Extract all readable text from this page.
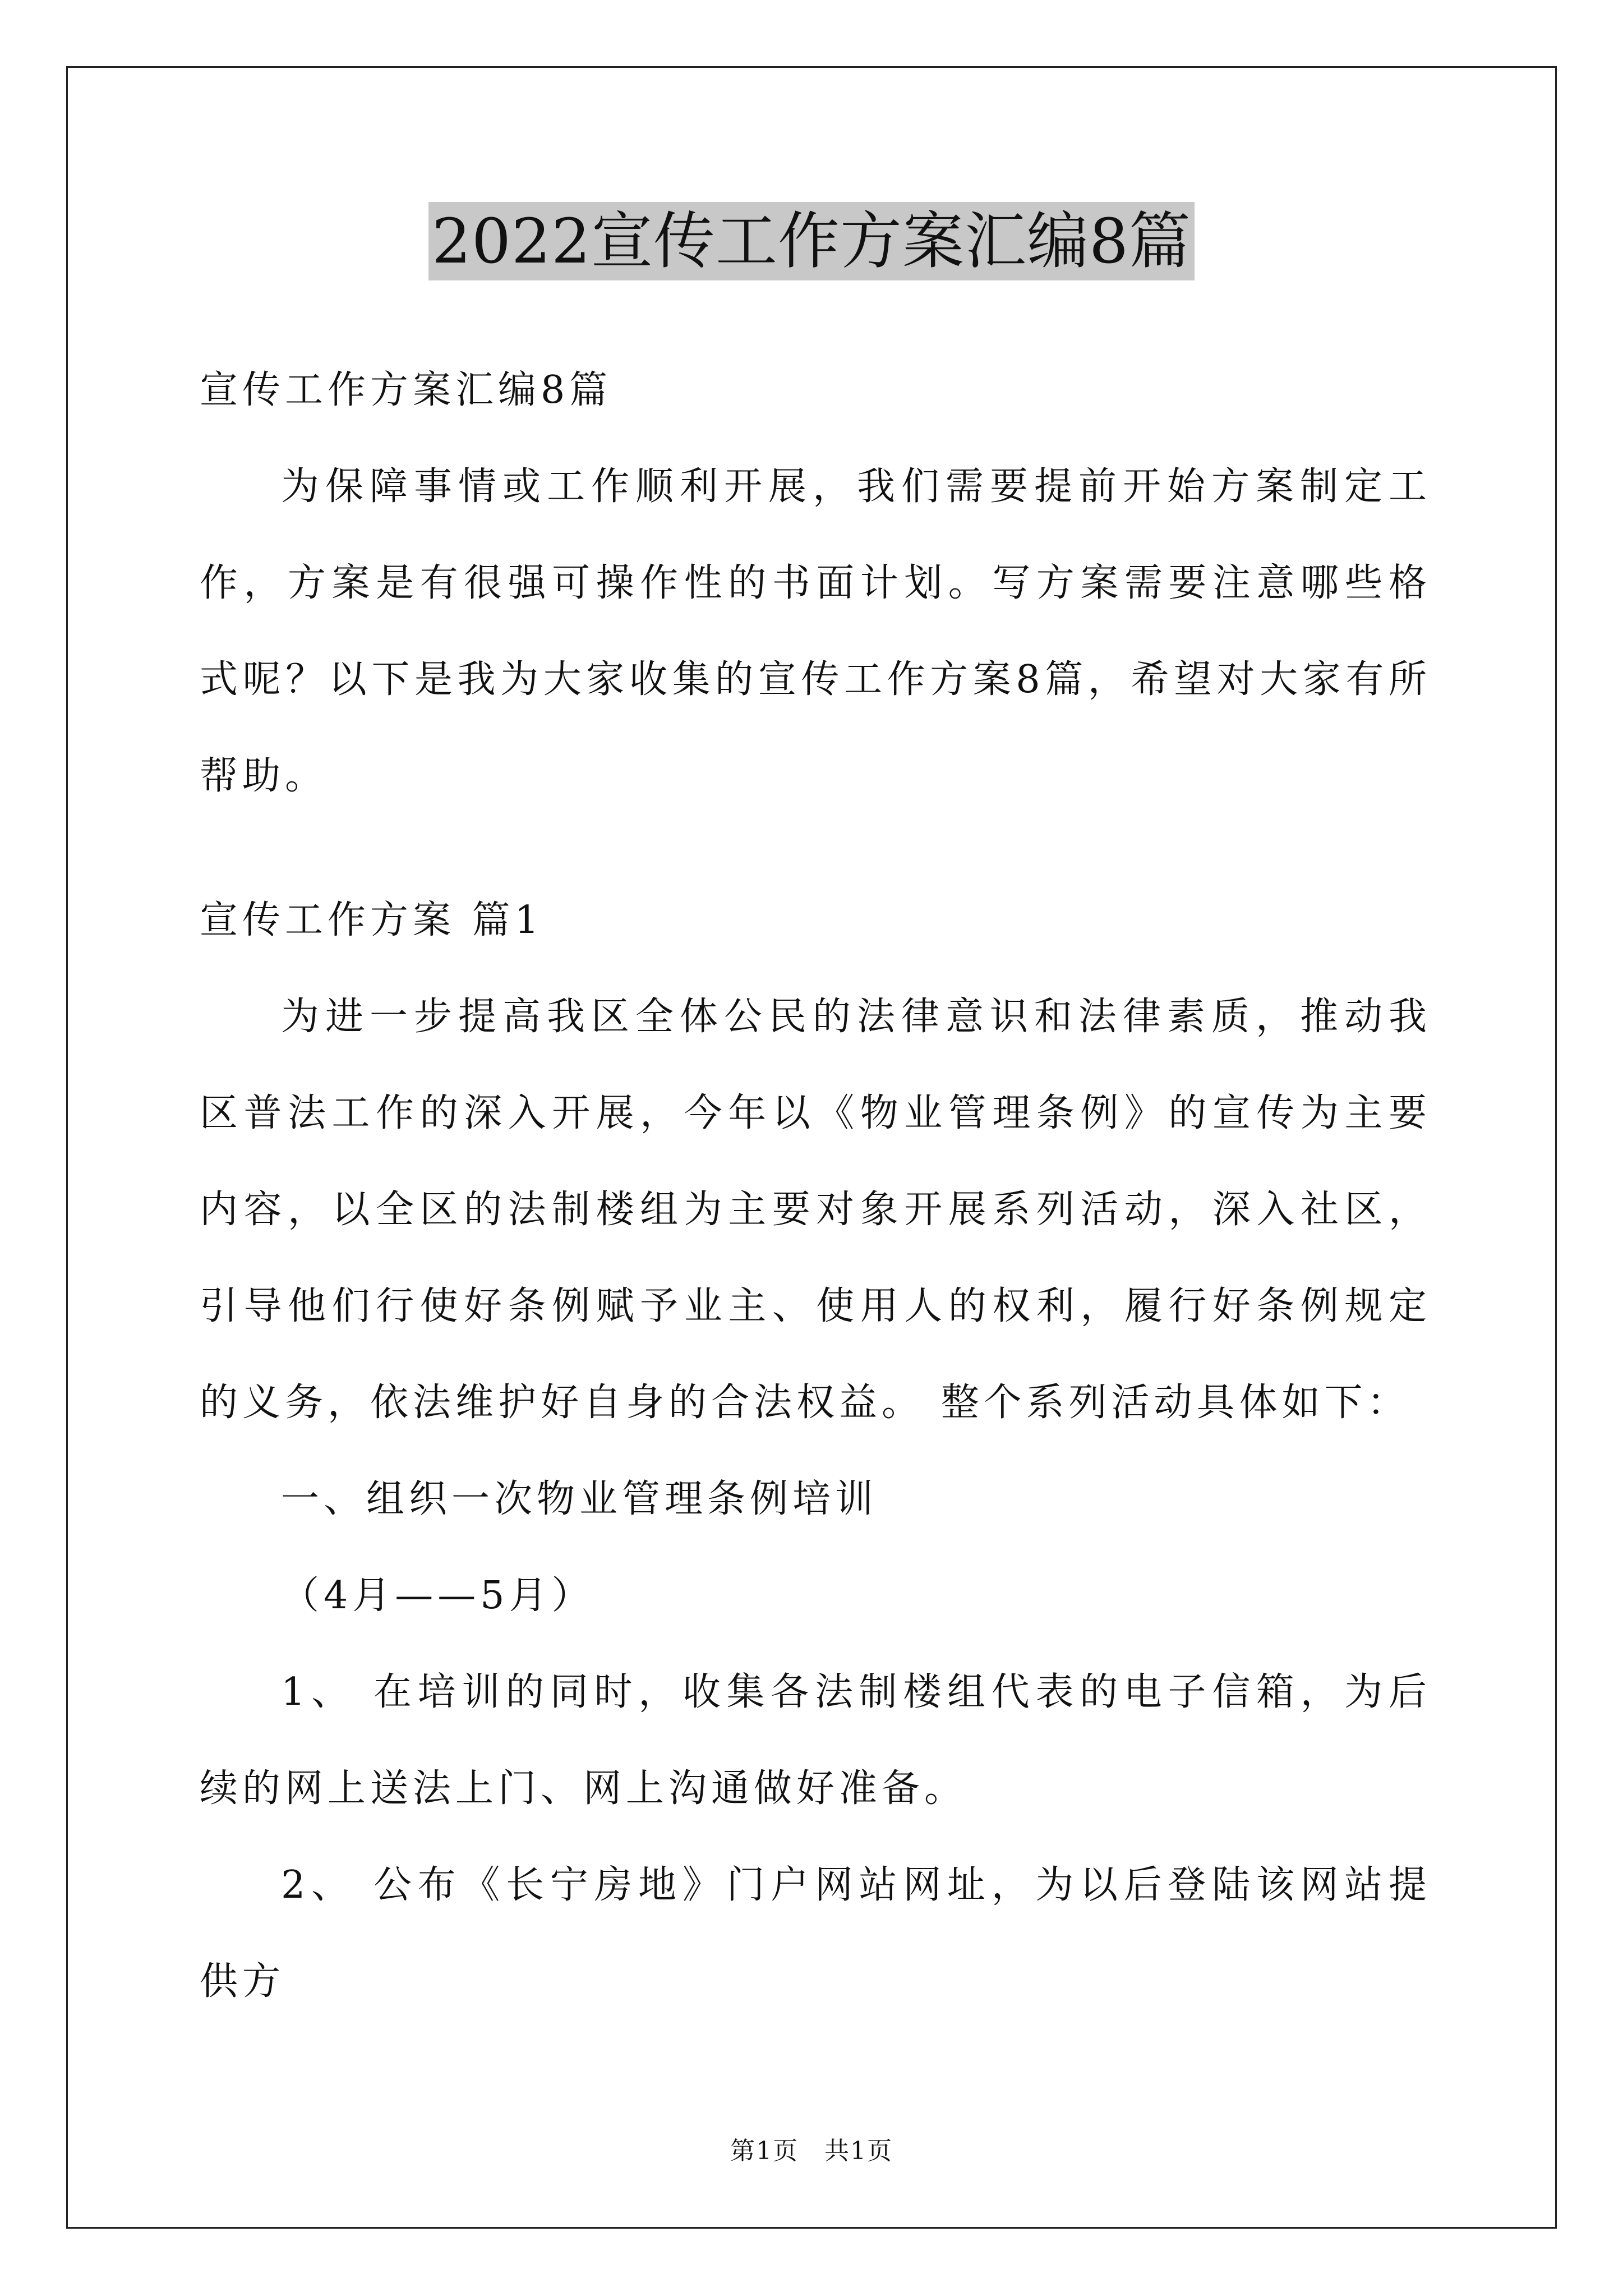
2022宣传工作方案汇编8篇

宣传工作方案汇编8篇

为保障事情或工作顺利开展，我们需要提前开始方案制定工作，方案是有很强可操作性的书面计划。写方案需要注意哪些格式呢？以下是我为大家收集的宣传工作方案8篇，希望对大家有所帮助。

宣传工作方案 篇1

为进一步提高我区全体公民的法律意识和法律素质，推动我区普法工作的深入开展，今年以《物业管理条例》的宣传为主要内容，以全区的法制楼组为主要对象开展系列活动，深入社区，引导他们行使好条例赋予业主、使用人的权利，履行好条例规定的义务，依法维护好自身的合法权益。 整个系列活动具体如下：

一、组织一次物业管理条例培训

（4月——5月）

1、 在培训的同时，收集各法制楼组代表的电子信箱，为后续的网上送法上门、网上沟通做好准备。

2、 公布《长宁房地》门户网站网址，为以后登陆该网站提供方

第1页　共1页
